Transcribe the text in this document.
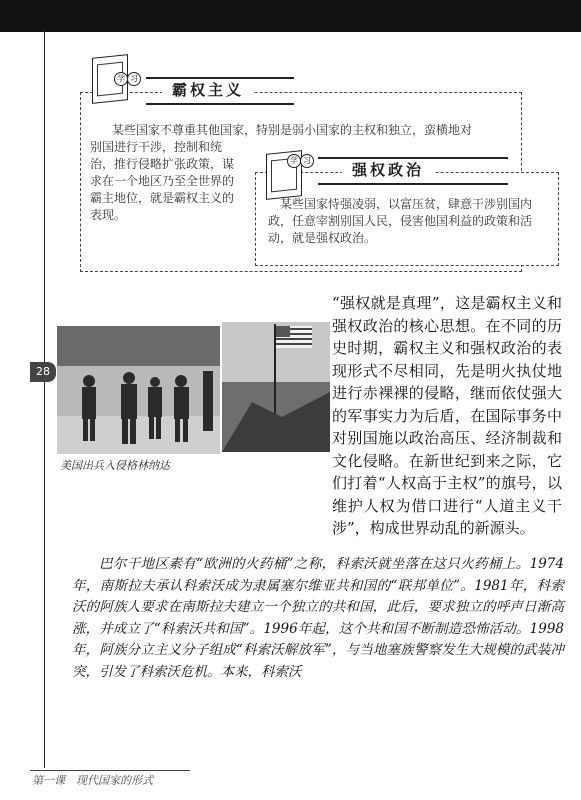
学 习
霸权主义

某些国家不尊重其他国家，特别是弱小国家的主权和独立，蛮横地对

别国进行干涉，控制和统治，推行侵略扩张政策，谋求在一个地区乃至全世界的霸主地位，就是霸权主义的表现。

学 习
强权政治

某些国家恃强凌弱，以富压贫，肆意干涉别国内政，任意宰割别国人民，侵害他国利益的政策和活动，就是强权政治。

美国出兵入侵格林纳达

28

“强权就是真理”，这是霸权主义和强权政治的核心思想。在不同的历史时期，霸权主义和强权政治的表现形式不尽相同，先是明火执仗地进行赤裸裸的侵略，继而依仗强大的军事实力为后盾，在国际事务中对别国施以政治高压、经济制裁和文化侵略。在新世纪到来之际，它们打着“人权高于主权”的旗号，以维护人权为借口进行“人道主义干涉”，构成世界动乱的新源头。

巴尔干地区素有“欧洲的火药桶”之称，科索沃就坐落在这只火药桶上。1974年，南斯拉夫承认科索沃成为隶属塞尔维亚共和国的“联邦单位”。1981年，科索沃的阿族人要求在南斯拉夫建立一个独立的共和国，此后，要求独立的呼声日渐高涨，并成立了“科索沃共和国”。1996年起，这个共和国不断制造恐怖活动。1998年，阿族分立主义分子组成“科索沃解放军”，与当地塞族警察发生大规模的武装冲突，引发了科索沃危机。本来，科索沃

第一课　现代国家的形式
